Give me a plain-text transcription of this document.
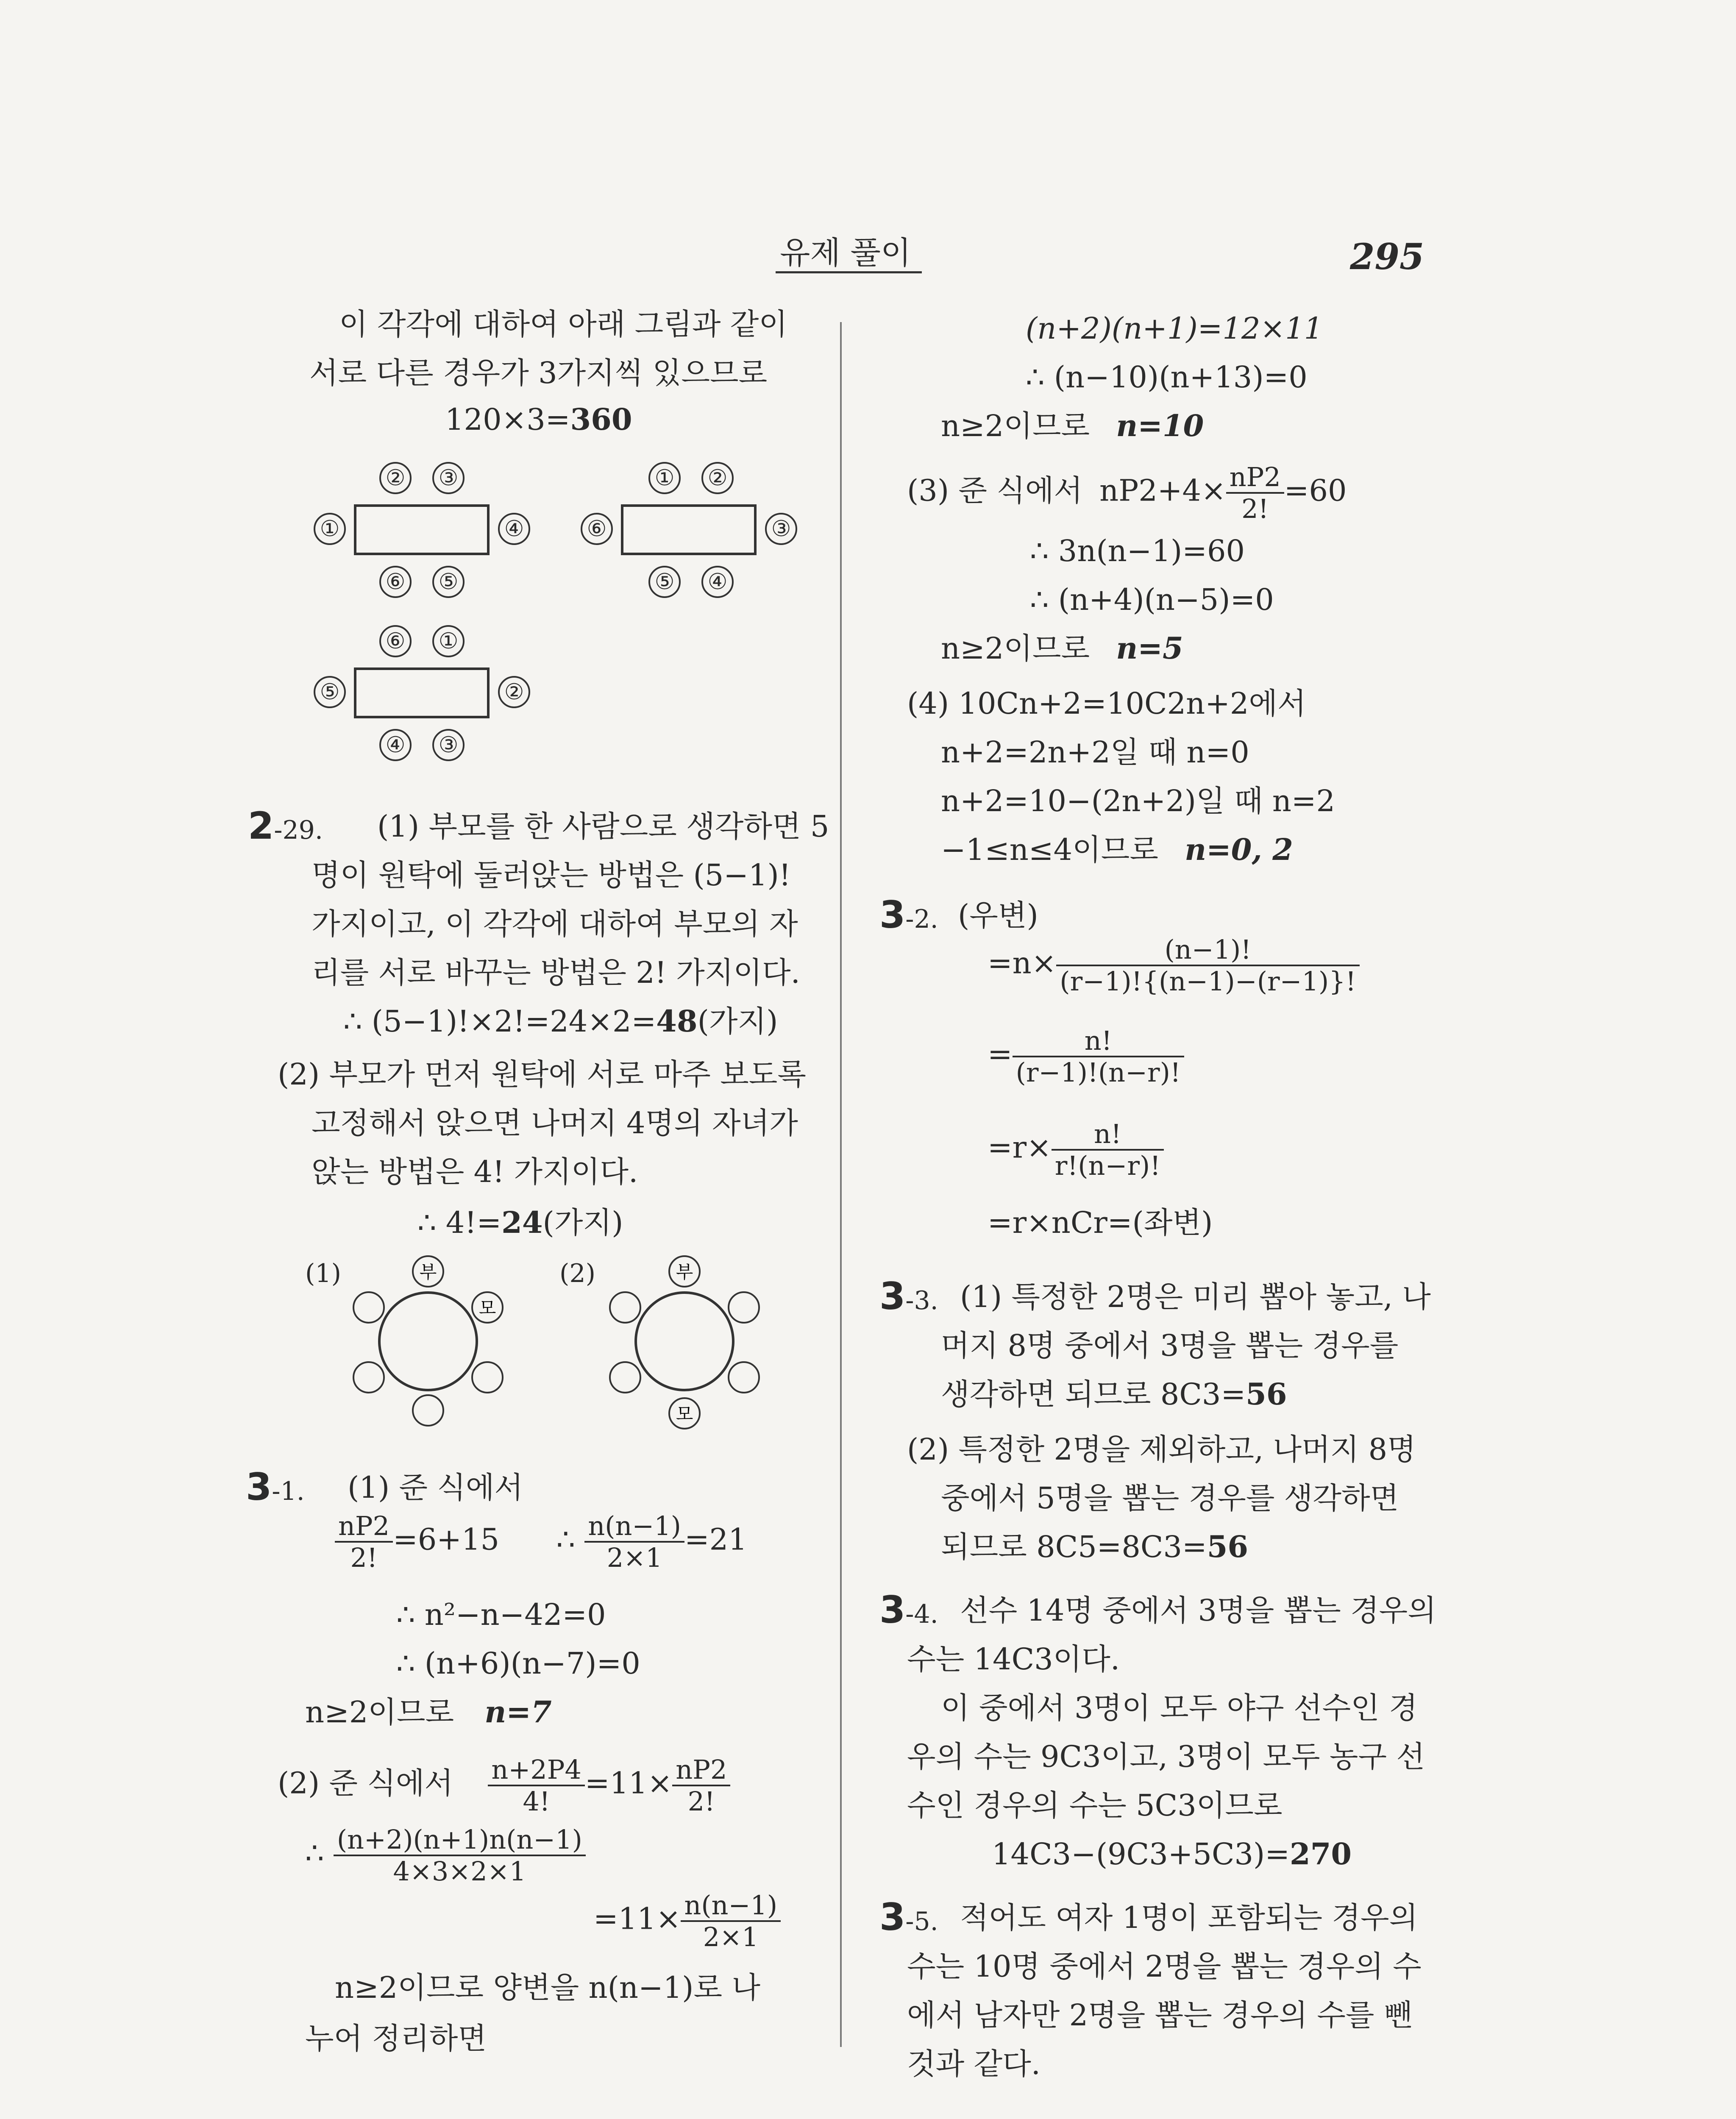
유제 풀이	295
이 각각에 대하여 아래 그림과 같이
서로 다른 경우가 3가지씩 있으므로
120×3=360
② ③
①	④
⑥ ⑤
① ②
⑥	③
⑤ ④
⑥ ①
⑤	②
④ ③
2-29. (1) 부모를 한 사람으로 생각하면 5
명이 원탁에 둘러앉는 방법은 (5−1)!
가지이고, 이 각각에 대하여 부모의 자
리를 서로 바꾸는 방법은 2! 가지이다.
∴ (5−1)!×2!=24×2=48(가지)
(2) 부모가 먼저 원탁에 서로 마주 보도록
고정해서 앉으면 나머지 4명의 자녀가
앉는 방법은 4! 가지이다.
∴ 4!=24(가지)
(1)	부
모
(2)	부
모
3-1. (1) 준 식에서
$\frac{nP2}{2!} =6+15$ ∴ $\frac{n(n-1)}{2\times 1} =21$
∴ n²−n−42=0
∴ (n+6)(n−7)=0
n≥2이므로 n=7
(2) 준 식에서 $\frac{n+2P4}{4!} =11\times \frac{nP2}{2!}$
∴ $\frac{(n+2)(n+1)n(n-1)}{4\times 3\times 2\times 1}$
$=11\times \frac{n(n-1)}{2\times 1}$
n≥2이므로 양변을 n(n−1)로 나
누어 정리하면
(n+2)(n+1)=12×11
∴ (n−10)(n+13)=0
n≥2이므로 n=10
(3) 준 식에서 $nP2+4\times \frac{nP2}{2!} =60$
∴ 3n(n−1)=60
∴ (n+4)(n−5)=0
n≥2이므로 n=5
(4) 10Cn+2=10C2n+2에서
n+2=2n+2일 때 n=0
n+2=10−(2n+2)일 때 n=2
−1≤n≤4이므로 n=0, 2
3-2. (우변)
$=n\times \frac{(n-1)!}{(r-1)!\{(n-1)-(r-1)\}!}$
= $\frac{n!}{(r-1)!(n-r)!}$
$=r\times \frac{n!}{r!(n-r)!}$
=r×nCr=(좌변)
3-3. (1) 특정한 2명은 미리 뽑아 놓고, 나
머지 8명 중에서 3명을 뽑는 경우를
생각하면 되므로 8C3=56
(2) 특정한 2명을 제외하고, 나머지 8명
중에서 5명을 뽑는 경우를 생각하면
되므로 8C5=8C3=56
3-4. 선수 14명 중에서 3명을 뽑는 경우의
수는 14C3이다.
이 중에서 3명이 모두 야구 선수인 경
우의 수는 9C3이고, 3명이 모두 농구 선
수인 경우의 수는 5C3이므로
14C3−(9C3+5C3)=270
3-5. 적어도 여자 1명이 포함되는 경우의
수는 10명 중에서 2명을 뽑는 경우의 수
에서 남자만 2명을 뽑는 경우의 수를 뺀
것과 같다.
